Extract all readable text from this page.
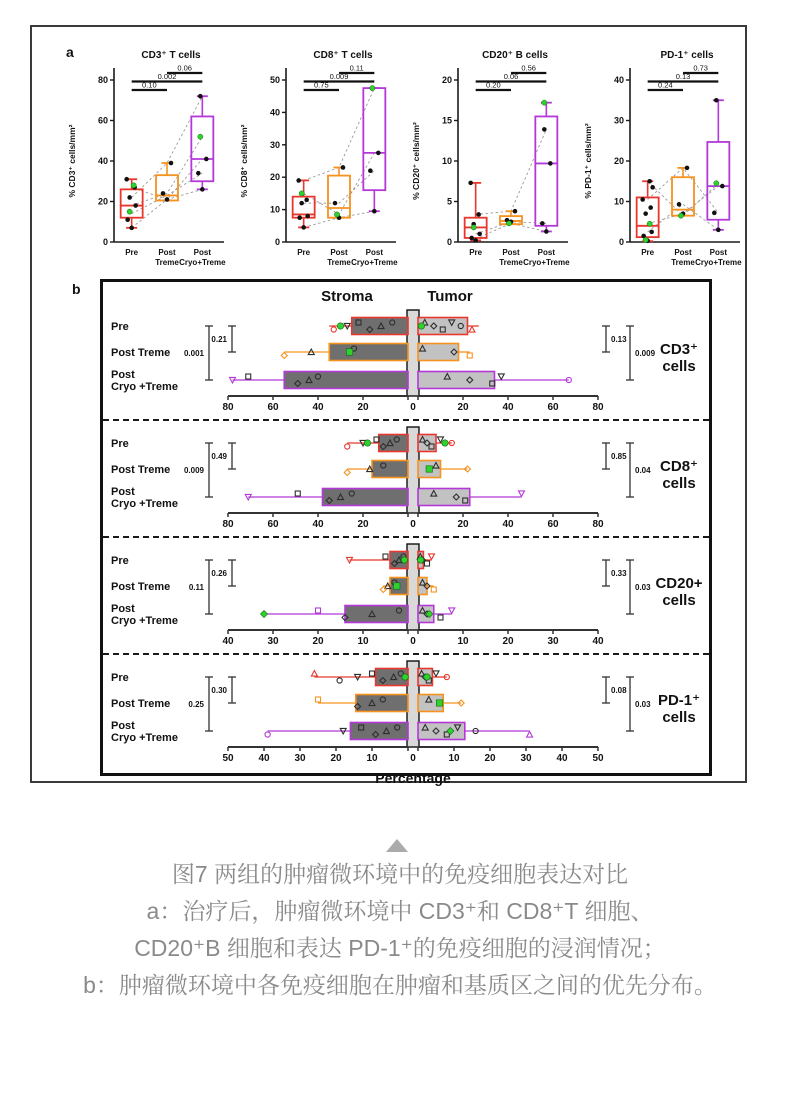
a
0
20
40
60
80
% CD3⁺ cells/mm²
CD3⁺ T cells
0.10
0.002
0.06
Pre	Post
Treme
Post
Cryo+Treme
0
10
20
30
40
50
% CD8⁺ cells/mm²
CD8⁺ T cells
0.75
0.009
0.11
Pre	Post
Treme
Post
Cryo+Treme
0
5
10
15
20
% CD20⁺ cells/mm²
CD20⁺ B cells
0.20
0.06
0.56
Pre	Post
Treme
Post
Cryo+Treme
0
10
20
30
40
% PD-1⁺ cells/mm²
PD-1⁺ cells
0.24
0.13
0.73
Pre	Post
Treme
Post
Cryo+Treme
b	Stroma	Tumor
Pre
Post Treme
Post
Cryo +Treme
0
20	20
40	40
60	60
80	80
0.001
0.21	0.13
0.009 CD3⁺
cells
Pre
Post Treme
Post
Cryo +Treme
0
20	20
40	40
60	60
80	80
0.009
0.49	0.85
0.04 CD8⁺
cells
Pre
Post Treme
Post
Cryo +Treme
0
10	10
20	20
30	30
40	40
0.11
0.26	0.33
0.03 CD20+
cells
Pre
Post Treme
Post
Cryo +Treme
0
10	10
20	20
30	30
40	40
50	50
0.25
0.30	0.08
0.03 PD-1⁺
cells
Percentage
图7 两组的肿瘤微环境中的免疫细胞表达对比
a：治疗后，肿瘤微环境中 CD3⁺和 CD8⁺T 细胞、
CD20⁺B 细胞和表达 PD-1⁺的免疫细胞的浸润情况；
b：肿瘤微环境中各免疫细胞在肿瘤和基质区之间的优先分布。
